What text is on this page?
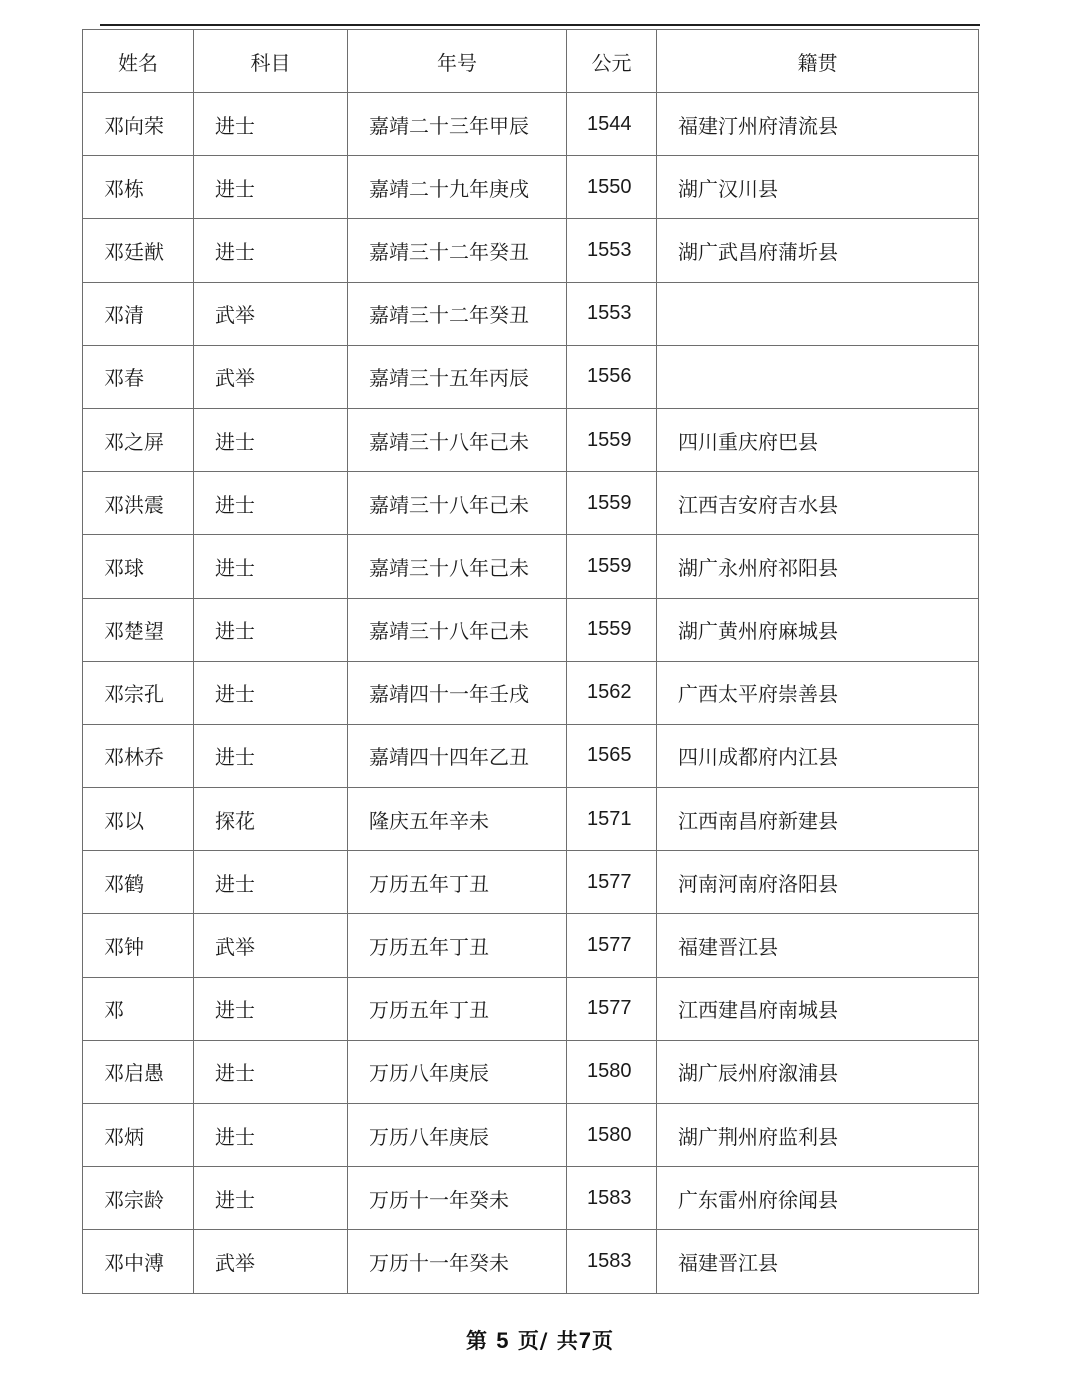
姓名	科目	年号	公元	籍贯
邓向荣	进士	嘉靖二十三年甲辰	1544	福建汀州府清流县
邓栋	进士	嘉靖二十九年庚戌	1550	湖广汉川县
邓廷猷	进士	嘉靖三十二年癸丑	1553	湖广武昌府蒲圻县
邓清	武举	嘉靖三十二年癸丑	1553	
邓春	武举	嘉靖三十五年丙辰	1556	
邓之屏	进士	嘉靖三十八年己未	1559	四川重庆府巴县
邓洪震	进士	嘉靖三十八年己未	1559	江西吉安府吉水县
邓球	进士	嘉靖三十八年己未	1559	湖广永州府祁阳县
邓楚望	进士	嘉靖三十八年己未	1559	湖广黄州府麻城县
邓宗孔	进士	嘉靖四十一年壬戌	1562	广西太平府崇善县
邓林乔	进士	嘉靖四十四年乙丑	1565	四川成都府内江县
邓以	探花	隆庆五年辛未	1571	江西南昌府新建县
邓鹤	进士	万历五年丁丑	1577	河南河南府洛阳县
邓钟	武举	万历五年丁丑	1577	福建晋江县
邓	进士	万历五年丁丑	1577	江西建昌府南城县
邓启愚	进士	万历八年庚辰	1580	湖广辰州府溆浦县
邓炳	进士	万历八年庚辰	1580	湖广荆州府监利县
邓宗龄	进士	万历十一年癸未	1583	广东雷州府徐闻县
邓中溥	武举	万历十一年癸未	1583	福建晋江县
第 5 页/ 共7页
